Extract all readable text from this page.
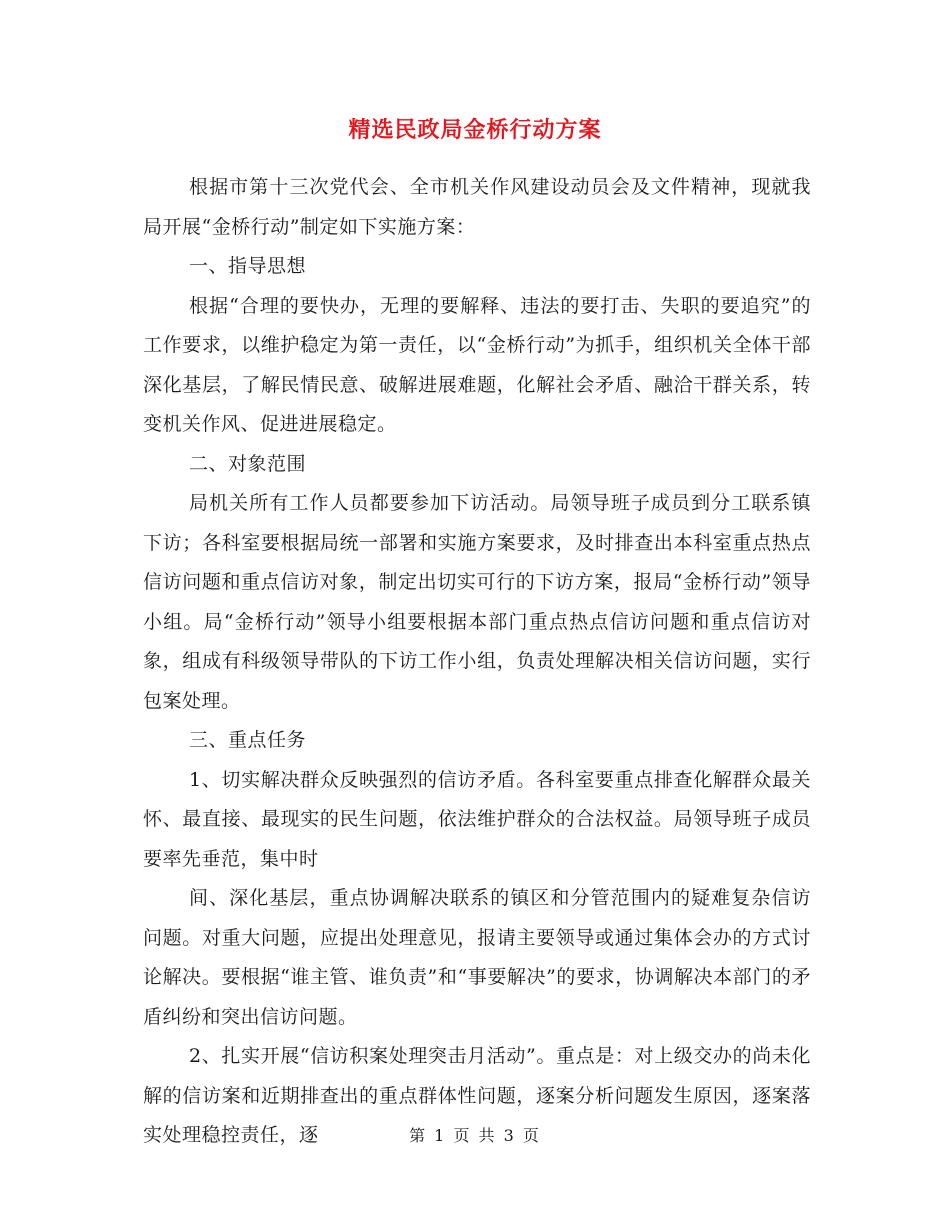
精选民政局金桥行动方案

根据市第十三次党代会、全市机关作风建设动员会及文件精神，现就我局开展“金桥行动”制定如下实施方案：

一、指导思想

根据“合理的要快办，无理的要解释、违法的要打击、失职的要追究”的工作要求，以维护稳定为第一责任，以“金桥行动”为抓手，组织机关全体干部深化基层，了解民情民意、破解进展难题，化解社会矛盾、融洽干群关系，转变机关作风、促进进展稳定。

二、对象范围

局机关所有工作人员都要参加下访活动。局领导班子成员到分工联系镇下访；各科室要根据局统一部署和实施方案要求，及时排查出本科室重点热点信访问题和重点信访对象，制定出切实可行的下访方案，报局“金桥行动”领导小组。局“金桥行动”领导小组要根据本部门重点热点信访问题和重点信访对象，组成有科级领导带队的下访工作小组，负责处理解决相关信访问题，实行包案处理。

三、重点任务

1、切实解决群众反映强烈的信访矛盾。各科室要重点排查化解群众最关怀、最直接、最现实的民生问题，依法维护群众的合法权益。局领导班子成员要率先垂范，集中时

间、深化基层，重点协调解决联系的镇区和分管范围内的疑难复杂信访问题。对重大问题，应提出处理意见，报请主要领导或通过集体会办的方式讨论解决。要根据“谁主管、谁负责”和“事要解决”的要求，协调解决本部门的矛盾纠纷和突出信访问题。

2、扎实开展“信访积案处理突击月活动”。重点是：对上级交办的尚未化解的信访案和近期排查出的重点群体性问题，逐案分析问题发生原因，逐案落实处理稳控责任，逐	第 1 页 共 3 页
